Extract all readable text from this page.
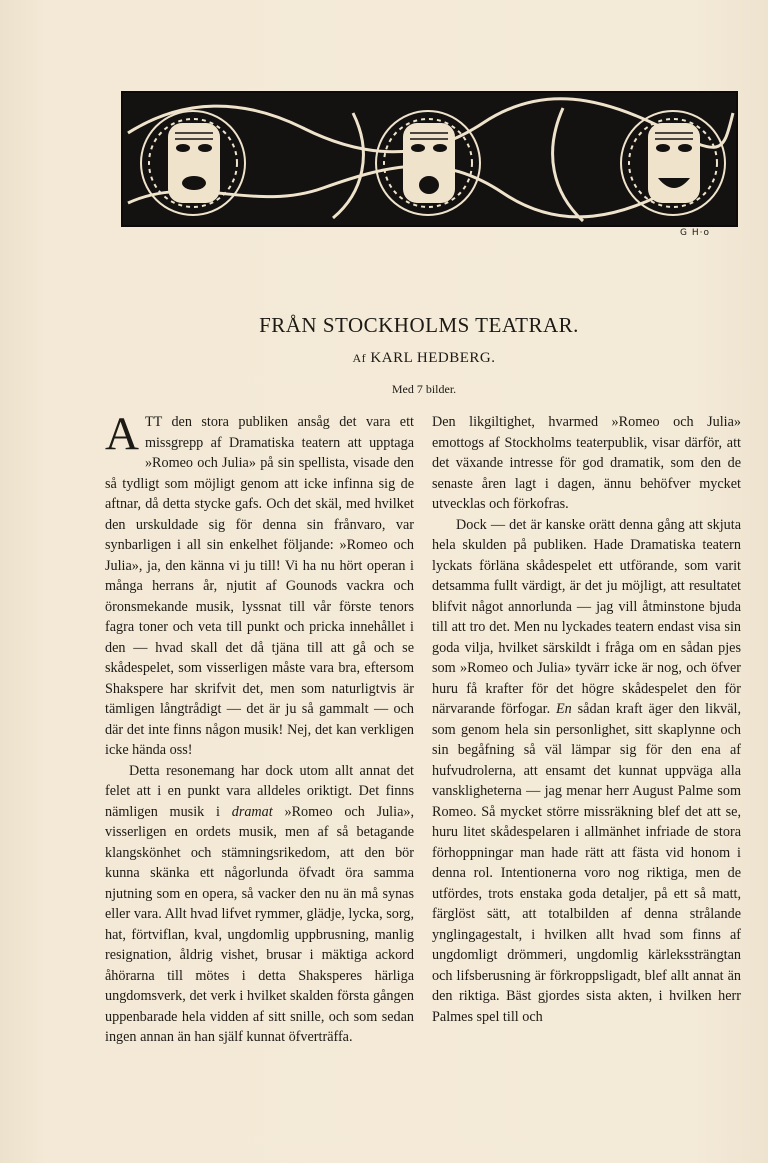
G H·o
FRÅN STOCKHOLMS TEATRAR.
Af KARL HEDBERG.
Med 7 bilder.

ATT den stora publiken ansåg det vara ett missgrepp af Dramatiska teatern att upptaga »Romeo och Julia» på sin spellista, visade den så tydligt som möjligt genom att icke infinna sig de aftnar, då detta stycke gafs. Och det skäl, med hvilket den urskuldade sig för denna sin frånvaro, var synbarligen i all sin enkelhet följande: »Romeo och Julia», ja, den känna vi ju till! Vi ha nu hört operan i många herrans år, njutit af Gounods vackra och öronsmekande musik, lyssnat till vår förste tenors fagra toner och veta till punkt och pricka innehållet i den — hvad skall det då tjäna till att gå och se skådespelet, som visserligen måste vara bra, eftersom Shakspere har skrifvit det, men som naturligtvis är tämligen långtrådigt — det är ju så gammalt — och där det inte finns någon musik! Nej, det kan verkligen icke hända oss!

Detta resonemang har dock utom allt annat det felet att i en punkt vara alldeles oriktigt. Det finns nämligen musik i dramat »Romeo och Julia», visserligen en ordets musik, men af så betagande klangskönhet och stämningsrikedom, att den bör kunna skänka ett någorlunda öfvadt öra samma njutning som en opera, så vacker den nu än må synas eller vara. Allt hvad lifvet rymmer, glädje, lycka, sorg, hat, förtviflan, kval, ungdomlig uppbrusning, manlig resignation, åldrig vishet, brusar i mäktiga ackord åhörarna till mötes i detta Shaksperes härliga ungdomsverk, det verk i hvilket skalden första gången uppenbarade hela vidden af sitt snille, och som sedan ingen annan än han själf kunnat öfverträffa.

Den likgiltighet, hvarmed »Romeo och Julia» emottogs af Stockholms teaterpublik, visar därför, att det växande intresse för god dramatik, som den de senaste åren lagt i dagen, ännu behöfver mycket utvecklas och förkofras.

Dock — det är kanske orätt denna gång att skjuta hela skulden på publiken. Hade Dramatiska teatern lyckats förläna skådespelet ett utförande, som varit detsamma fullt värdigt, är det ju möjligt, att resultatet blifvit något annorlunda — jag vill åtminstone bjuda till att tro det. Men nu lyckades teatern endast visa sin goda vilja, hvilket särskildt i fråga om en sådan pjes som »Romeo och Julia» tyvärr icke är nog, och öfver huru få krafter för det högre skådespelet den för närvarande förfogar. En sådan kraft äger den likväl, som genom hela sin personlighet, sitt skaplynne och sin begåfning så väl lämpar sig för den ena af hufvudrolerna, att ensamt det kunnat uppväga alla vanskligheterna — jag menar herr August Palme som Romeo. Så mycket större missräkning blef det att se, huru litet skådespelaren i allmänhet infriade de stora förhoppningar man hade rätt att fästa vid honom i denna rol. Intentionerna voro nog riktiga, men de utfördes, trots enstaka goda detaljer, på ett så matt, färglöst sätt, att totalbilden af denna strålande ynglingagestalt, i hvilken allt hvad som finns af ungdomligt drömmeri, ungdomlig kärlekssträngtan och lifsberusning är förkroppsligadt, blef allt annat än den riktiga. Bäst gjordes sista akten, i hvilken herr Palmes spel till och
